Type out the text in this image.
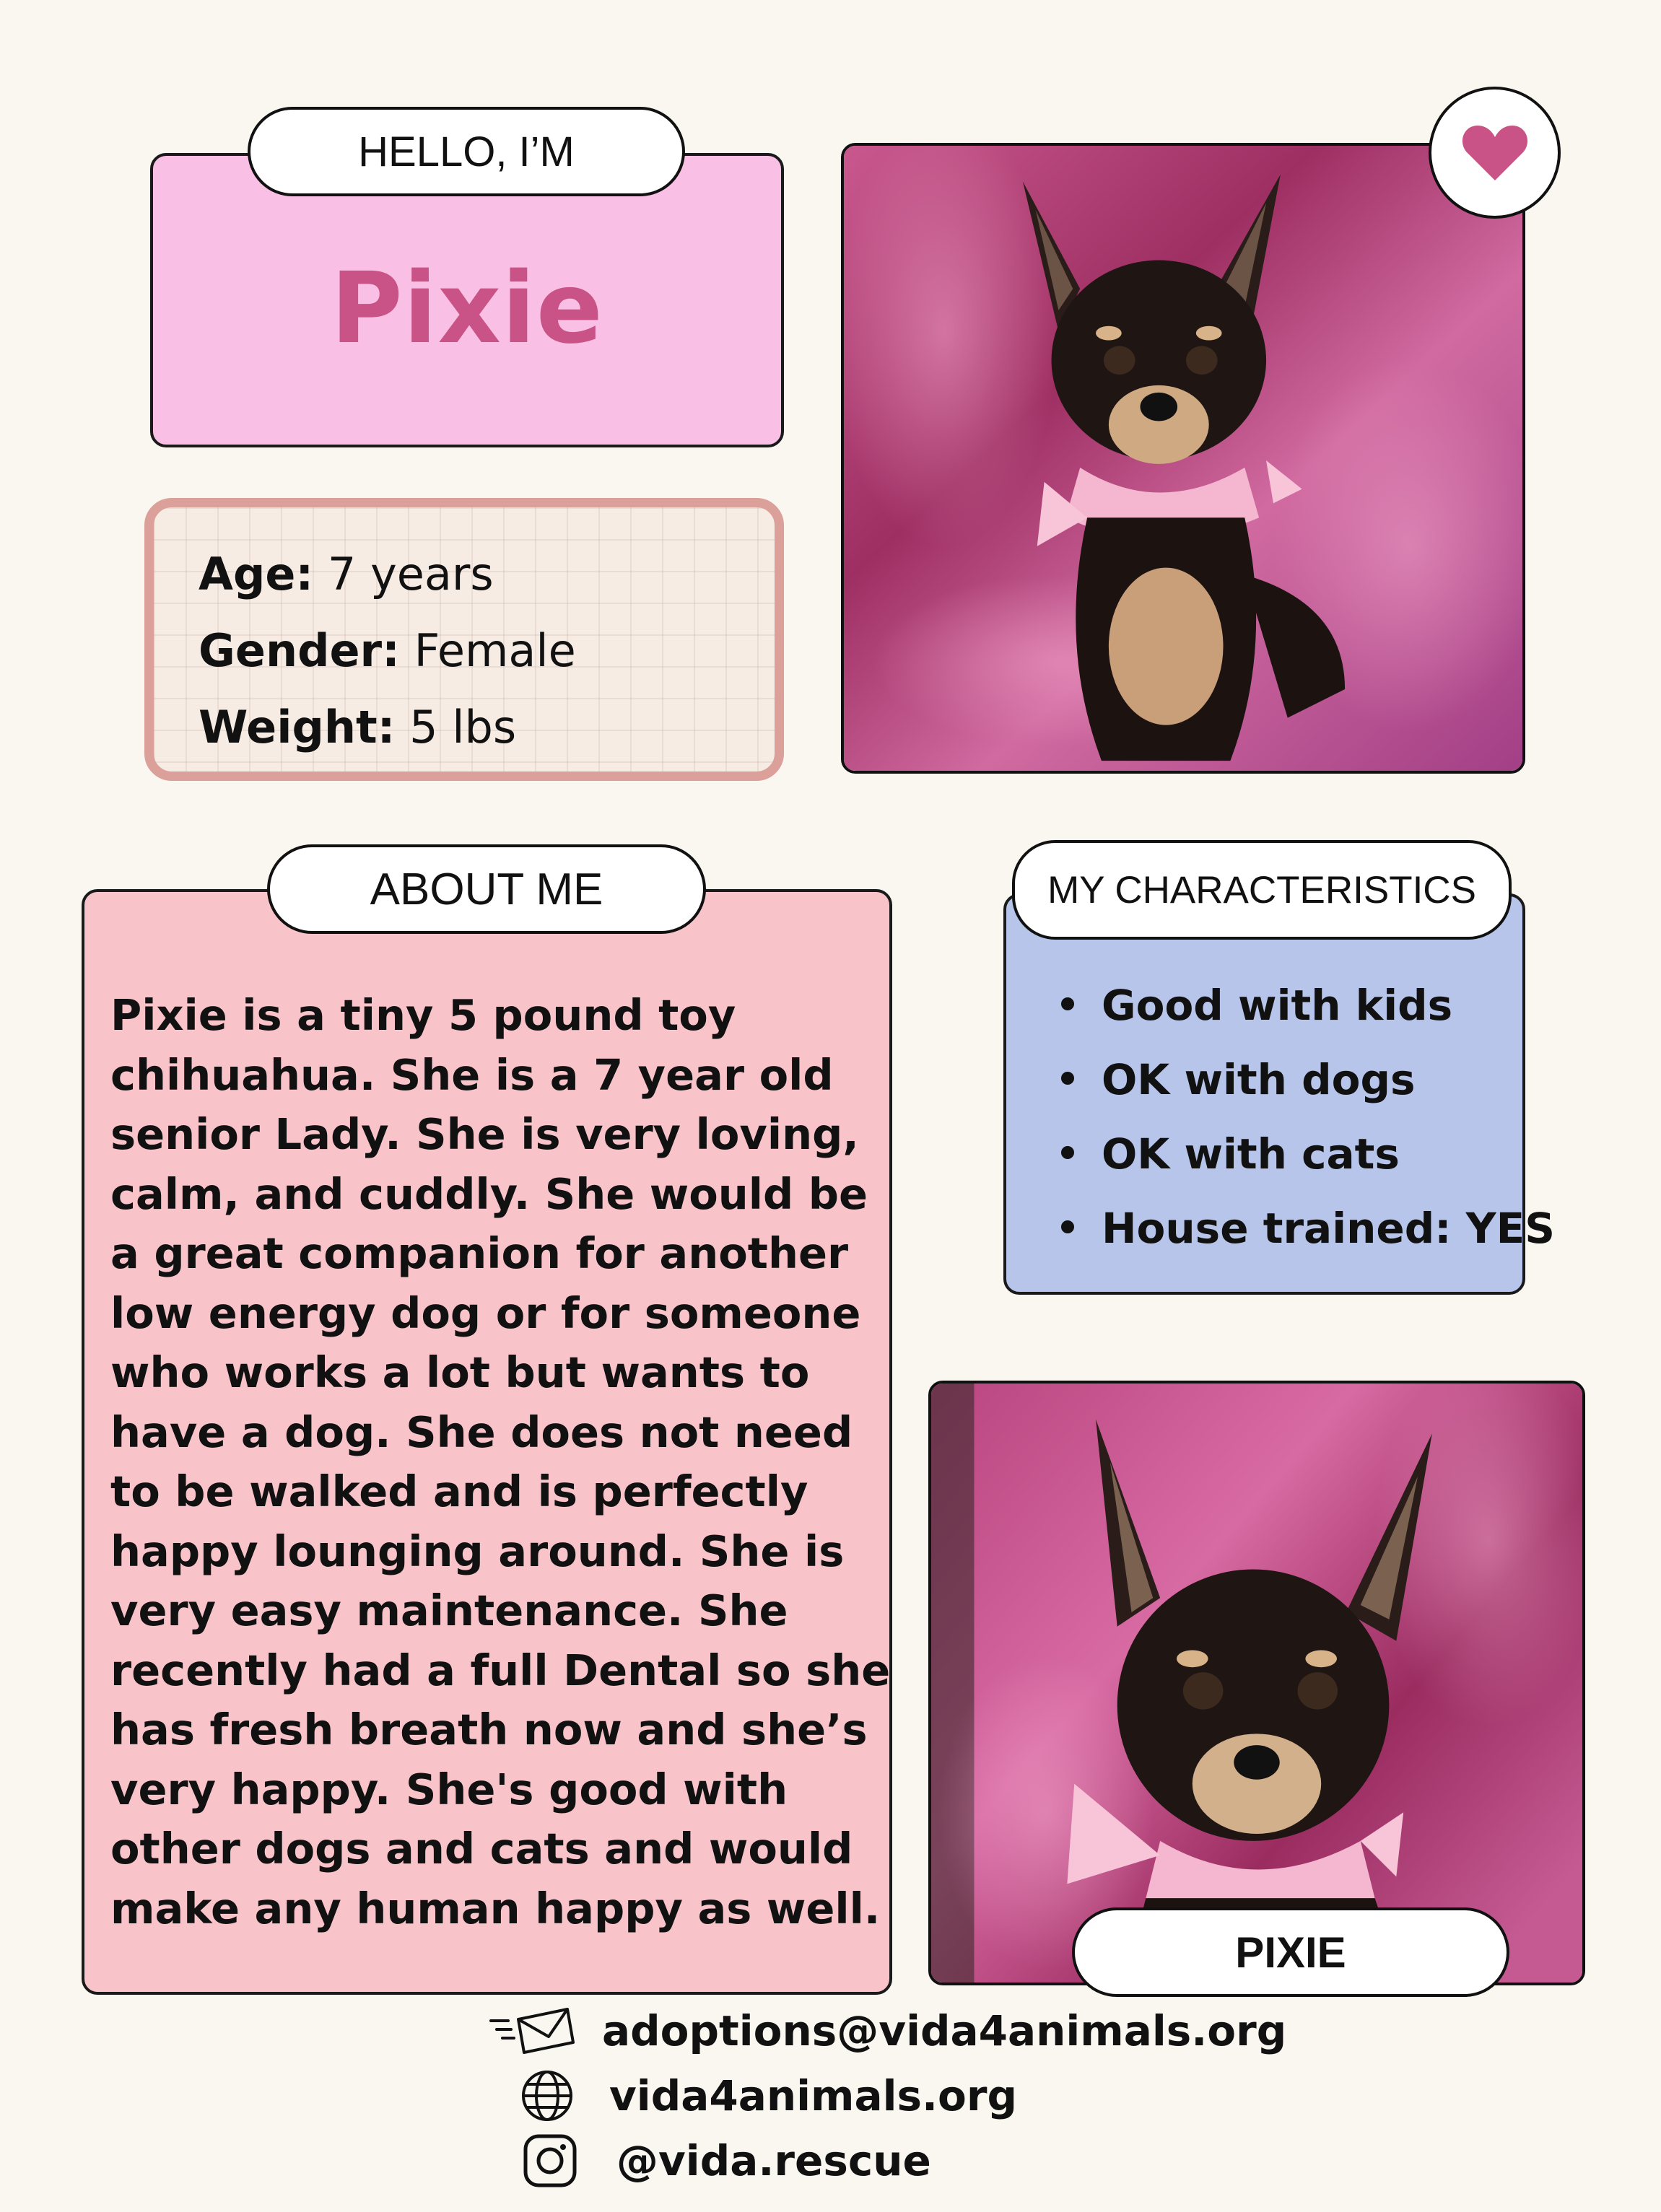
Pixie
HELLO, I’M
Age: 7 years
Gender: Female
Weight: 5 lbs
Pixie is a tiny 5 pound toy
chihuahua. She is a 7 year old
senior Lady. She is very loving,
calm, and cuddly. She would be
a great companion for another
low energy dog or for someone
who works a lot but wants to
have a dog. She does not need
to be walked and is perfectly
happy lounging around. She is
very easy maintenance. She
recently had a full Dental so she
has fresh breath now and she’s
very happy. She's good with
other dogs and cats and would
make any human happy as well.
ABOUT ME
Good with kids
OK with dogs
OK with cats
House trained: YES
MY CHARACTERISTICS
PIXIE
adoptions@vida4animals.org
vida4animals.org
@vida.rescue
